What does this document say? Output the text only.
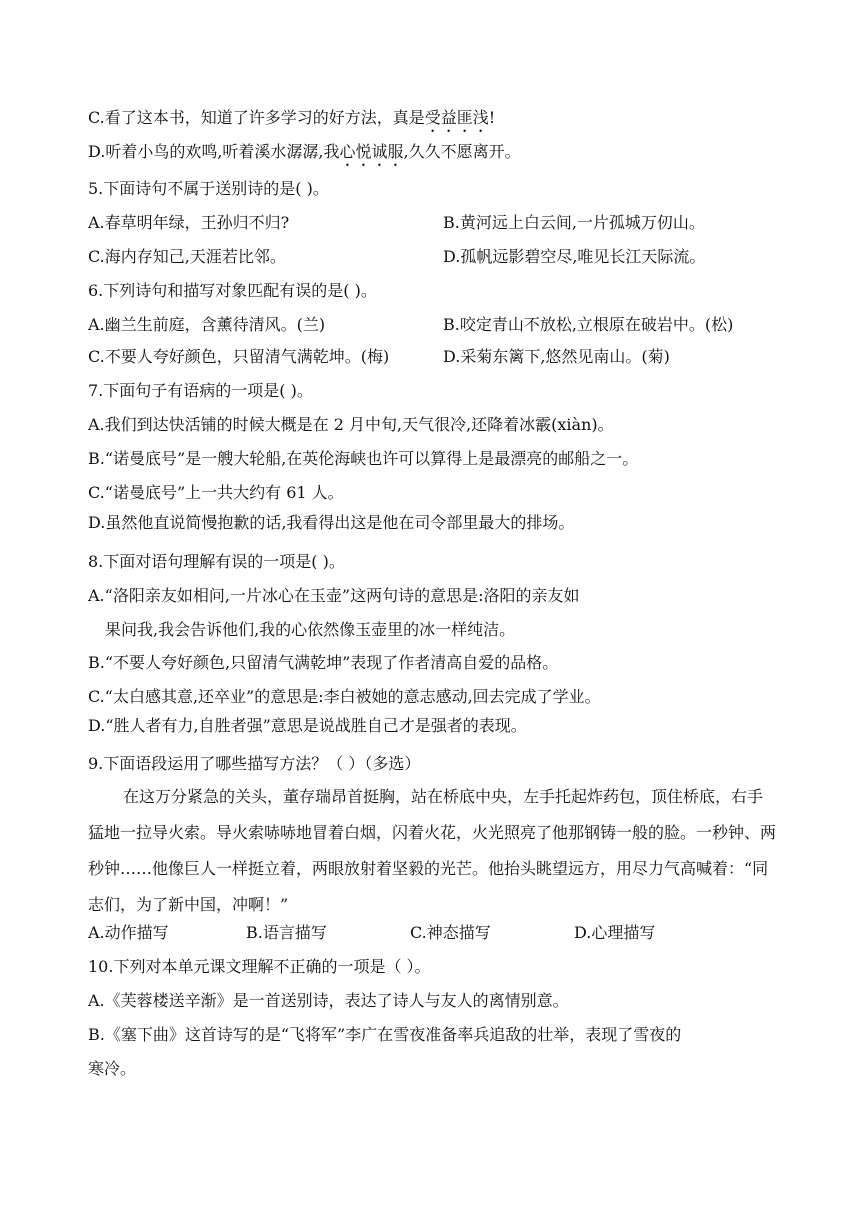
C.看了这本书，知道了许多学习的好方法，真是受益匪浅!
D.听着小鸟的欢鸣,听着溪水潺潺,我心悦诚服,久久不愿离开。
5.下面诗句不属于送别诗的是( )。
A.春草明年绿，王孙归不归?	B.黄河远上白云间,一片孤城万仞山。
C.海内存知己,天涯若比邻。	D.孤帆远影碧空尽,唯见长江天际流。
6.下列诗句和描写对象匹配有误的是( )。
A.幽兰生前庭，含薰待清风。(兰)	B.咬定青山不放松,立根原在破岩中。(松)
C.不要人夸好颜色，只留清气满乾坤。(梅)	D.采菊东篱下,悠然见南山。(菊)
7.下面句子有语病的一项是( )。
A.我们到达快活铺的时候大概是在 2 月中旬,天气很冷,还降着冰霰(xiàn)。
B.“诺曼底号”是一艘大轮船,在英伦海峡也许可以算得上是最漂亮的邮船之一。
C.“诺曼底号”上一共大约有 61 人。
D.虽然他直说简慢抱歉的话,我看得出这是他在司令部里最大的排场。
8.下面对语句理解有误的一项是( )。
A.“洛阳亲友如相问,一片冰心在玉壶”这两句诗的意思是:洛阳的亲友如
果问我,我会告诉他们,我的心依然像玉壶里的冰一样纯洁。
B.“不要人夸好颜色,只留清气满乾坤”表现了作者清高自爱的品格。
C.“太白感其意,还卒业”的意思是:李白被她的意志感动,回去完成了学业。
D.“胜人者有力,自胜者强”意思是说战胜自己才是强者的表现。
9.下面语段运用了哪些描写方法？（ ）（多选）
在这万分紧急的关头，董存瑞昂首挺胸，站在桥底中央，左手托起炸药包，顶住桥底，右手猛地一拉导火索。导火索哧哧地冒着白烟，闪着火花，火光照亮了他那钢铸一般的脸。一秒钟、两秒钟……他像巨人一样挺立着，两眼放射着坚毅的光芒。他抬头眺望远方，用尽力气高喊着：“同志们，为了新中国，冲啊！”
A.动作描写	B.语言描写	C.神态描写	D.心理描写
10.下列对本单元课文理解不正确的一项是（ ）。
A.《芙蓉楼送辛渐》是一首送别诗，表达了诗人与友人的离情别意。
B.《塞下曲》这首诗写的是“飞将军”李广在雪夜准备率兵追敌的壮举，表现了雪夜的
寒冷。
